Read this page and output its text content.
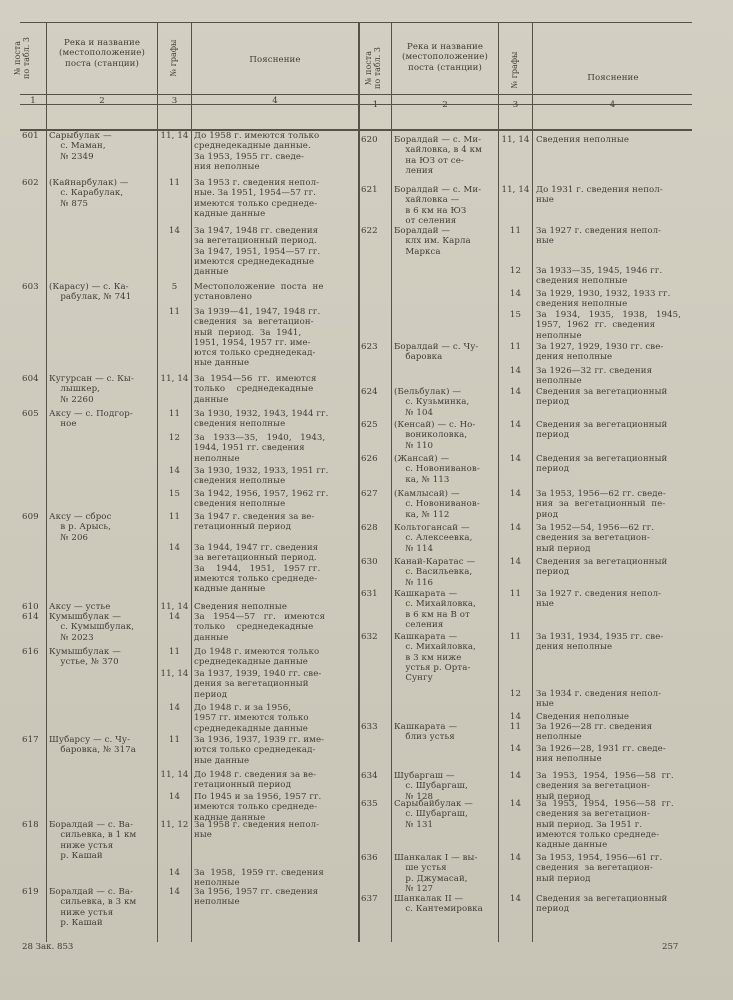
№ поста
по табл. 3	Река и название
(местоположение)
поста (станции)	№ графы	Пояснение
№ поста
по табл. 3	Река и название
(местоположение)
поста (станции)	№ графы	Пояснение
1	2	3	4	1	2	3	4
601 Сарыбулак —
с. Маман,
№ 2349
11, 14 До 1958 г. имеются только
среднедекадные данные.
За 1953, 1955 гг. сведе-
ния неполные
602 (Кайнарбулак) —
с. Карабулак,
№ 875
11	За 1953 г. сведения непол-
ные. За 1951, 1954—57 гг.
имеются только среднеде-
кадные данные
14	За 1947, 1948 гг. сведения
за вегетационный период.
За 1947, 1951, 1954—57 гг.
имеются среднедекадные
данные
603 (Карасу) — с. Ка-
рабулак, № 741
5	Местоположение  поста  не
установлено
11	За 1939—41, 1947, 1948 гг.
сведения  за  вегетацион-
ный  период.  За  1941,
1951, 1954, 1957 гг. име-
ются только среднедекад-
ные данные
604 Кугурсан — с. Кы-
лышкер,
№ 2260
11, 14 За  1954—56  гг.  имеются
только    среднедекадные
данные
605 Аксу — с. Подгор-
ное
11	За 1930, 1932, 1943, 1944 гг.
сведения неполные
12	За   1933—35,   1940,   1943,
1944, 1951 гг. сведения
неполные
14	За 1930, 1932, 1933, 1951 гг.
сведения неполные
15	За 1942, 1956, 1957, 1962 гг.
сведения неполные
609 Аксу — сброс
в р. Арысь,
№ 206
11	За 1947 г. сведения за ве-
гетационный период
14	За 1944, 1947 гг. сведения
за вегетационный период.
За    1944,   1951,   1957 гг.
имеются только среднеде-
кадные данные
610 Аксу — устье	11, 14 Сведения неполные
614 Кумышбулак —
с. Кумышбулак,
№ 2023
14	За   1954—57   гг.   имеются
только    среднедекадные
данные
616 Кумышбулак —
устье, № 370
11	До 1948 г. имеются только
среднедекадные данные
11, 14 За 1937, 1939, 1940 гг. све-
дения за вегетационный
период
14	До 1948 г. и за 1956,
1957 гг. имеются только
среднедекадные данные
617 Шубарсу — с. Чу-
баровка, № 317а
11	За 1936, 1937, 1939 гг. име-
ются только среднедекад-
ные данные
11, 14 До 1948 г. сведения за ве-
гетационный период
14	По 1945 и за 1956, 1957 гг.
имеются только среднеде-
кадные данные
618 Боралдай — с. Ва-
сильевка, в 1 км
ниже устья
р. Кашай
11, 12 За 1958 г. сведения непол-
ные
14	За  1958,  1959 гг. сведения
неполные
619 Боралдай — с. Ва-
сильевка, в 3 км
ниже устья
р. Кашай
14	За 1956, 1957 гг. сведения
неполные
620 Боралдай — с. Ми-
хайловка, в 4 км
на ЮЗ от се-
ления
11, 14 Сведения неполные
621 Боралдай — с. Ми-
хайловка —
в 6 км на ЮЗ
от селения
11, 14 До 1931 г. сведения непол-
ные
622 Боралдай —
клх им. Карла
Маркса
11	За 1927 г. сведения непол-
ные
12	За 1933—35, 1945, 1946 гг.
сведения неполные
14	За 1929, 1930, 1932, 1933 гг.
сведения неполные
15	За   1934,   1935,   1938,   1945,
1957,  1962  гг.  сведения
неполные
623 Боралдай — с. Чу-
баровка
11	За 1927, 1929, 1930 гг. све-
дения неполные
14	За 1926—32 гг. сведения
неполные
624 (Бельбулак) —
с. Кузьминка,
№ 104
14	Сведения за вегетационный
период
625 (Кенсай) — с. Но-
вониколовка,
№ 110
14	Сведения за вегетационный
период
626 (Жансай) —
с. Новониванов-
ка, № 113
14	Сведения за вегетационный
период
627 (Камлысай) —
с. Новониванов-
ка, № 112
14	За 1953, 1956—62 гг. сведе-
ния  за  вегетационный  пе-
риод
628 Кольтогансай —
с. Алексеевка,
№ 114
14	За 1952—54, 1956—62 гг.
сведения за вегетацион-
ный период
630 Канай-Каратас —
с. Васильевка,
№ 116
14	Сведения за вегетационный
период
631 Кашкарата —
с. Михайловка,
в 6 км на В от
селения
11	За 1927 г. сведения непол-
ные
632 Кашкарата —
с. Михайловка,
в 3 км ниже
устья р. Орта-
Сунгу
11	За 1931, 1934, 1935 гг. све-
дения неполные
12	За 1934 г. сведения непол-
ные
14	Сведения неполные
633 Кашкарата —
близ устья
11	За 1926—28 гг. сведения
неполные
14	За 1926—28, 1931 гг. сведе-
ния неполные
634 Шубаргаш —
с. Шубаргаш,
№ 128
14	За  1953,  1954,  1956—58  гг.
сведения за вегетацион-
ный период
635 Сарыбайбулак —
с. Шубаргаш,
№ 131
14	За  1953,  1954,  1956—58  гг.
сведения за вегетацион-
ный период. За 1951 г.
имеются только среднеде-
кадные данные
636 Шанкалак I — вы-
ше устья
р. Джумасай,
№ 127
14	За 1953, 1954, 1956—61 гг.
сведения  за вегетацион-
ный период
637 Шанкалак II —
с. Кантемировка
14	Сведения за вегетационный
период
28 Зак. 853	257
